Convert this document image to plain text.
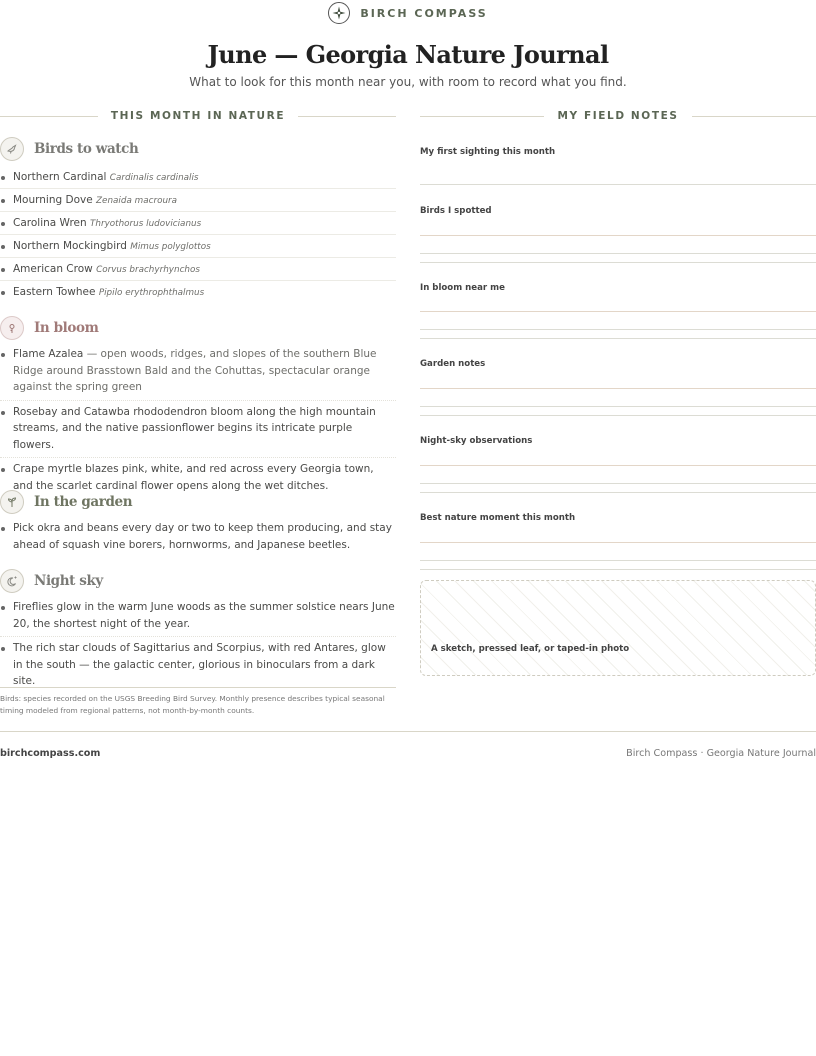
BIRCH COMPASS
June — Georgia Nature Journal
What to look for this month near you, with room to record what you find.
THIS MONTH IN NATURE	MY FIELD NOTES
Birds to watch
Northern Cardinal Cardinalis cardinalis
Mourning Dove Zenaida macroura
Carolina Wren Thryothorus ludovicianus
Northern Mockingbird Mimus polyglottos
American Crow Corvus brachyrhynchos
Eastern Towhee Pipilo erythrophthalmus
In bloom
Flame Azalea — open woods, ridges, and slopes of the southern Blue Ridge around Brasstown Bald and the Cohuttas, spectacular orange against the spring green
Rosebay and Catawba rhododendron bloom along the high mountain streams, and the native passionflower begins its intricate purple flowers.
Crape myrtle blazes pink, white, and red across every Georgia town, and the scarlet cardinal flower opens along the wet ditches.
In the garden
Pick okra and beans every day or two to keep them producing, and stay ahead of squash vine borers, hornworms, and Japanese beetles.
Night sky
Fireflies glow in the warm June woods as the summer solstice nears June 20, the shortest night of the year.
The rich star clouds of Sagittarius and Scorpius, with red Antares, glow in the south — the galactic center, glorious in binoculars from a dark site.
Birds: species recorded on the USGS Breeding Bird Survey. Monthly presence describes typical seasonal timing modeled from regional patterns, not month-by-month counts.
My first sighting this month
Birds I spotted
In bloom near me
Garden notes
Night-sky observations
Best nature moment this month
A sketch, pressed leaf, or taped-in photo
birchcompass.com	Birch Compass · Georgia Nature Journal
